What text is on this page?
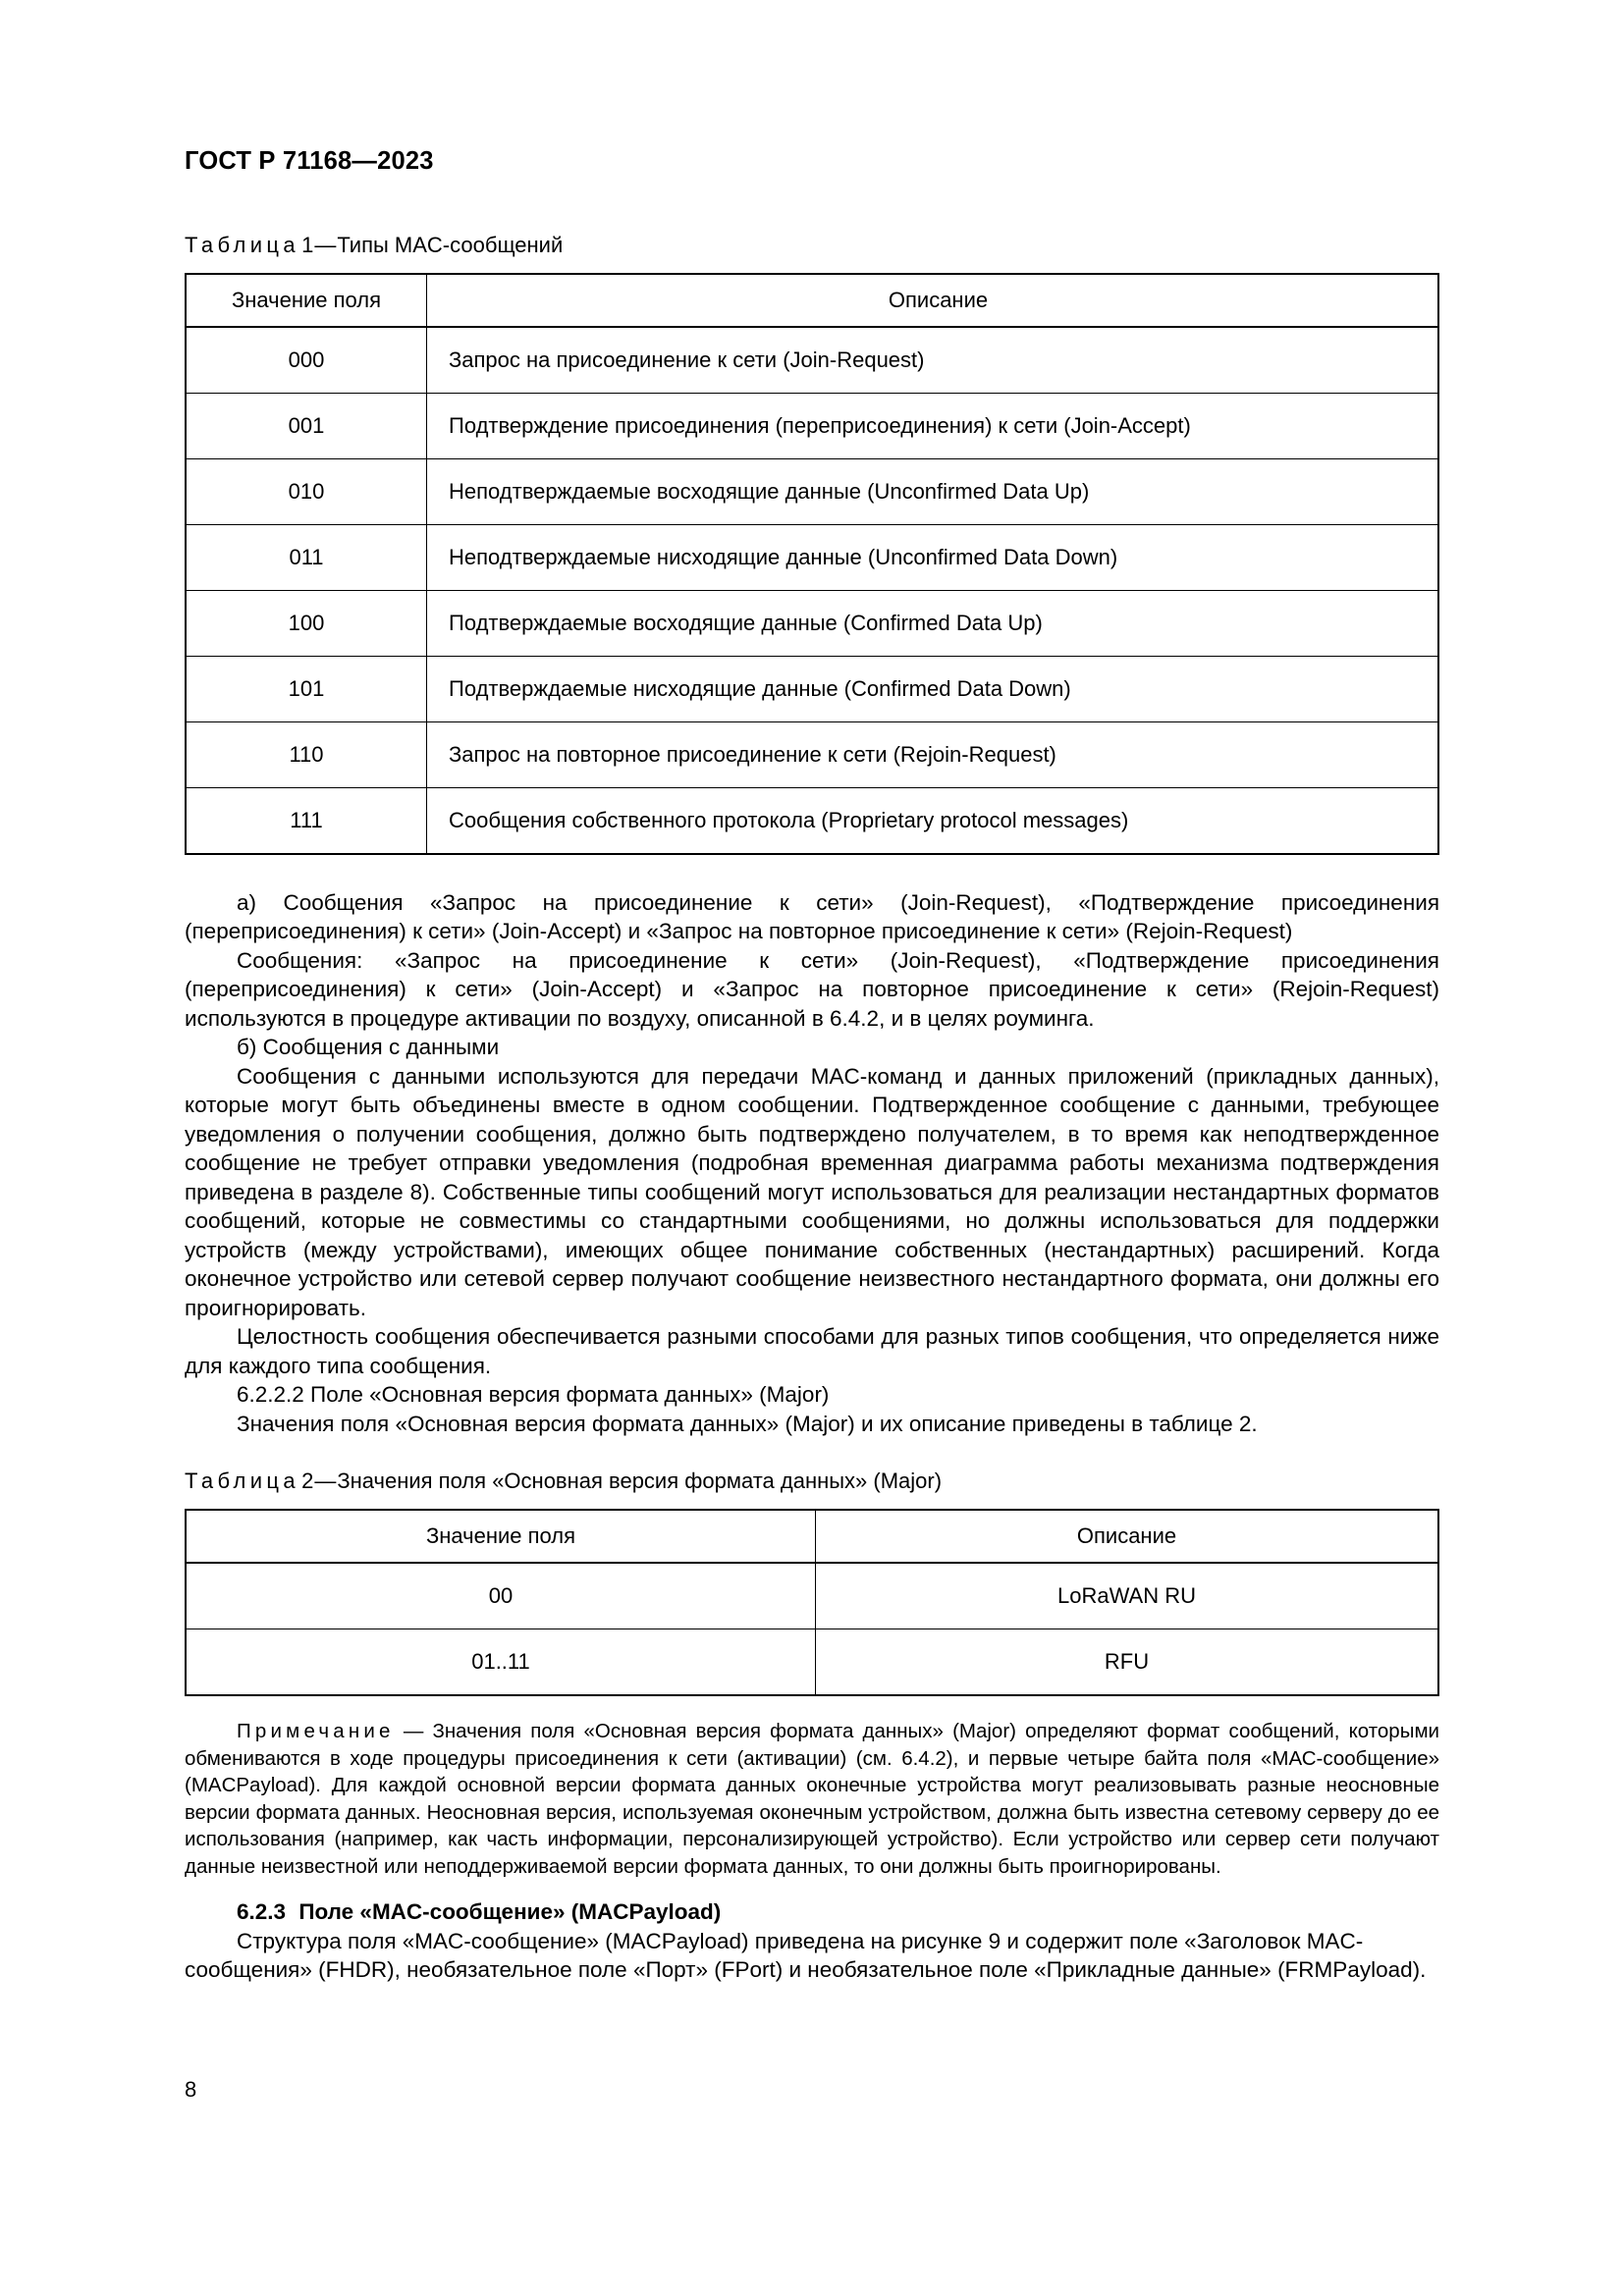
ГОСТ Р 71168—2023
Таблица1—Типы MAC-сообщений
Значение поля	Описание
000	Запрос на присоединение к сети (Join-Request)
001	Подтверждение присоединения (переприсоединения) к сети (Join-Accept)
010	Неподтверждаемые восходящие данные (Unconfirmed Data Up)
011	Неподтверждаемые нисходящие данные (Unconfirmed Data Down)
100	Подтверждаемые восходящие данные (Confirmed Data Up)
101	Подтверждаемые нисходящие данные (Confirmed Data Down)
110	Запрос на повторное присоединение к сети (Rejoin-Request)
111	Сообщения собственного протокола (Proprietary protocol messages)

а) Сообщения «Запрос на присоединение к сети» (Join-Request), «Подтверждение присоединения (переприсоединения) к сети» (Join-Accept) и «Запрос на повторное присоединение к сети» (Rejoin-Request)

Сообщения: «Запрос на присоединение к сети» (Join-Request), «Подтверждение присоединения (переприсоединения) к сети» (Join-Accept) и «Запрос на повторное присоединение к сети» (Rejoin-Request) используются в процедуре активации по воздуху, описанной в 6.4.2, и в целях роуминга.

б) Сообщения с данными

Сообщения с данными используются для передачи MAC-команд и данных приложений (прикладных данных), которые могут быть объединены вместе в одном сообщении. Подтвержденное сообщение с данными, требующее уведомления о получении сообщения, должно быть подтверждено получателем, в то время как неподтвержденное сообщение не требует отправки уведомления (подробная временная диаграмма работы механизма подтверждения приведена в разделе 8). Собственные типы сообщений могут использоваться для реализации нестандартных форматов сообщений, которые не совместимы со стандартными сообщениями, но должны использоваться для поддержки устройств (между устройствами), имеющих общее понимание собственных (нестандартных) расширений. Когда оконечное устройство или сетевой сервер получают сообщение неизвестного нестандартного формата, они должны его проигнорировать.

Целостность сообщения обеспечивается разными способами для разных типов сообщения, что определяется ниже для каждого типа сообщения.

6.2.2.2 Поле «Основная версия формата данных» (Major)

Значения поля «Основная версия формата данных» (Major) и их описание приведены в таблице 2.

Таблица2—Значения поля «Основная версия формата данных» (Major)
Значение поля	Описание
00	LoRaWAN RU
01..11	RFU

Примечание — Значения поля «Основная версия формата данных» (Major) определяют формат сообщений, которыми обмениваются в ходе процедуры присоединения к сети (активации) (см. 6.4.2), и первые четыре байта поля «МАС-сообщение» (MACPayload). Для каждой основной версии формата данных оконечные устройства могут реализовывать разные неосновные версии формата данных. Неосновная версия, используемая оконечным устройством, должна быть известна сетевому серверу до ее использования (например, как часть информации, персонализирующей устройство). Если устройство или сервер сети получают данные неизвестной или неподдерживаемой версии формата данных, то они должны быть проигнорированы.

6.2.3 Поле «MAC-сообщение» (MACPayload)

Структура поля «MAC-сообщение» (MACPayload) приведена на рисунке 9 и содержит поле «Заголовок MAC-сообщения» (FHDR), необязательное поле «Порт» (FPort) и необязательное поле «Прикладные данные» (FRMPayload).

8
